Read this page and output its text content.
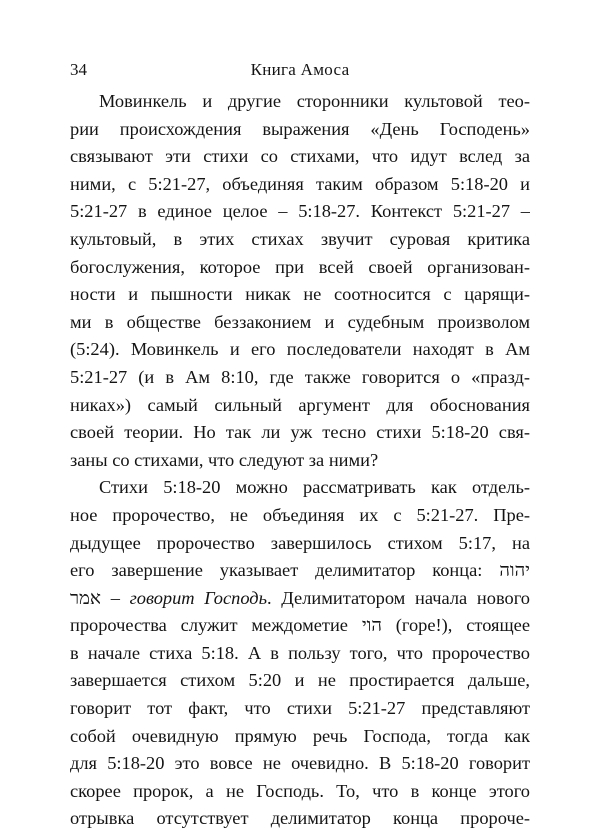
34	Книга Амоса
Мовинкель и другие сторонники культовой тео-
рии происхождения выражения «День Господень»
связывают эти стихи со стихами, что идут вслед за
ними, с 5:21-27, объединяя таким образом 5:18-20 и
5:21-27 в единое целое – 5:18-27. Контекст 5:21-27 –
культовый, в этих стихах звучит суровая критика
богослужения, которое при всей своей организован-
ности и пышности никак не соотносится с царящи-
ми в обществе беззаконием и судебным произволом
(5:24). Мовинкель и его последователи находят в Ам
5:21-27 (и в Ам 8:10, где также говорится о «празд-
никах») самый сильный аргумент для обоснования
своей теории. Но так ли уж тесно стихи 5:18-20 свя-
заны со стихами, что следуют за ними?
Стихи 5:18-20 можно рассматривать как отдель-
ное пророчество, не объединяя их с 5:21-27. Пре-
дыдущее пророчество завершилось стихом 5:17, на
его завершение указывает делимитатор конца: יהוה
אמר – говорит Господь. Делимитатором начала нового
пророчества служит междометие הוי (горе!), стоящее
в начале стиха 5:18. А в пользу того, что пророчество
завершается стихом 5:20 и не простирается дальше,
говорит тот факт, что стихи 5:21-27 представляют
собой очевидную прямую речь Господа, тогда как
для 5:18-20 это вовсе не очевидно. В 5:18-20 говорит
скорее пророк, а не Господь. То, что в конце этого
отрывка отсутствует делимитатор конца пророче-
